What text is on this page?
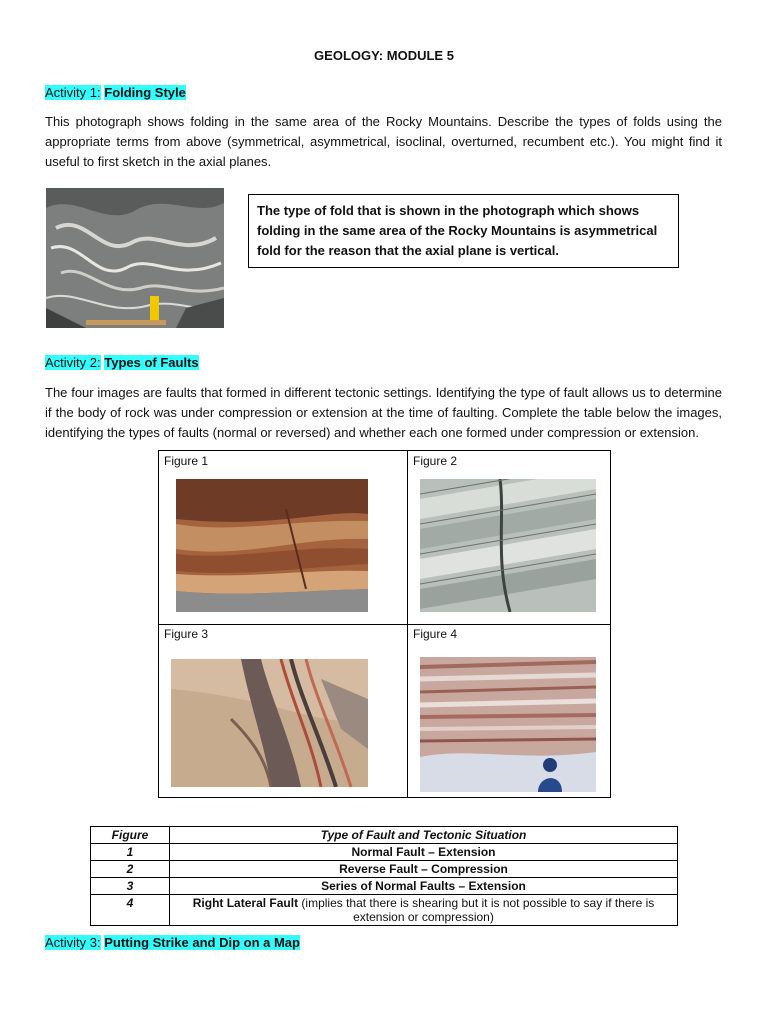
GEOLOGY: MODULE 5
Activity 1: Folding Style
This photograph shows folding in the same area of the Rocky Mountains. Describe the types of folds using the appropriate terms from above (symmetrical, asymmetrical, isoclinal, overturned, recumbent etc.). You might find it useful to first sketch in the axial planes.
The type of fold that is shown in the photograph which shows folding in the same area of the Rocky Mountains is asymmetrical fold for the reason that the axial plane is vertical.
Activity 2: Types of Faults
The four images are faults that formed in different tectonic settings. Identifying the type of fault allows us to determine if the body of rock was under compression or extension at the time of faulting. Complete the table below the images, identifying the types of faults (normal or reversed) and whether each one formed under compression or extension.
Figure 1	Figure 2
Figure 3	Figure 4
Figure	Type of Fault and Tectonic Situation
1	Normal Fault – Extension
2	Reverse Fault – Compression
3	Series of Normal Faults – Extension
4	Right Lateral Fault (implies that there is shearing but it is not possible to say if there is extension or compression)
Activity 3: Putting Strike and Dip on a Map
